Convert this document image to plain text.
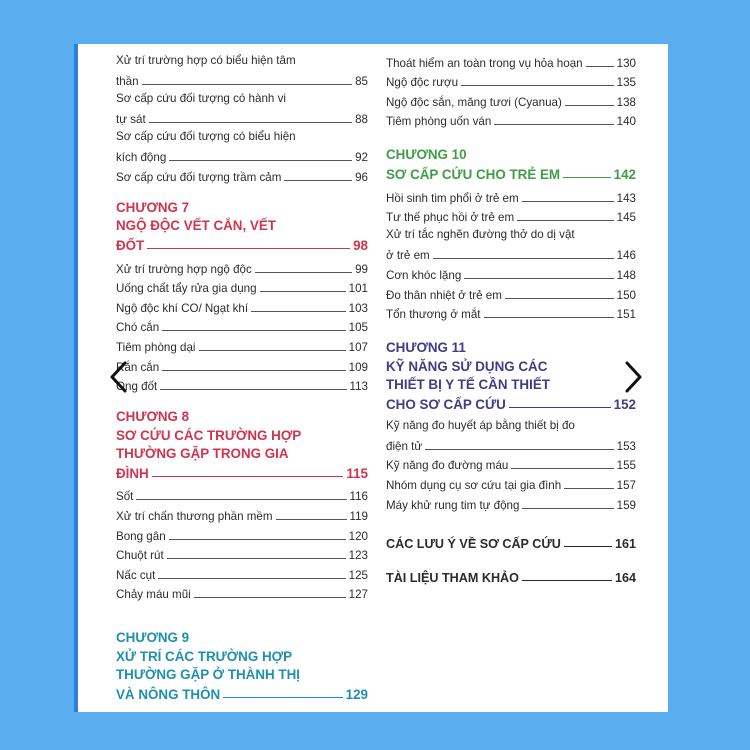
Xử trí trường hợp có biểu hiện tâm
thần	85
Sơ cấp cứu đối tượng có hành vi
tự sát	88
Sơ cấp cứu đối tượng có biểu hiện
kích động	92
Sơ cấp cứu đối tượng trầm cảm	96
CHƯƠNG 7
NGỘ ĐỘC VẾT CẮN, VẾT
ĐỐT	98
Xử trí trường hợp ngộ độc	99
Uống chất tẩy rửa gia dụng	101
Ngộ độc khí CO/ Ngạt khí	103
Chó cắn	105
Tiêm phòng dại	107
Rắn cắn	109
Ong đốt	113
CHƯƠNG 8
SƠ CỨU CÁC TRƯỜNG HỢP
THƯỜNG GẶP TRONG GIA
ĐÌNH	115
Sốt	116
Xử trí chấn thương phần mềm	119
Bong gân	120
Chuột rút	123
Nấc cụt	125
Chảy máu mũi	127
CHƯƠNG 9
XỬ TRÍ CÁC TRƯỜNG HỢP
THƯỜNG GẶP Ở THÀNH THỊ
VÀ NÔNG THÔN	129
Thoát hiểm an toàn trong vụ hỏa hoạn	130
Ngộ độc rượu	135
Ngộ độc sắn, măng tươi (Cyanua)	138
Tiêm phòng uốn ván	140
CHƯƠNG 10
SƠ CẤP CỨU CHO TRẺ EM	142
Hồi sinh tim phổi ở trẻ em	143
Tư thế phục hồi ở trẻ em	145
Xử trí tắc nghẽn đường thở do dị vật
ở trẻ em	146
Cơn khóc lặng	148
Đo thân nhiệt ở trẻ em	150
Tổn thương ở mắt	151
CHƯƠNG 11
KỸ NĂNG SỬ DỤNG CÁC
THIẾT BỊ Y TẾ CẦN THIẾT
CHO SƠ CẤP CỨU	152
Kỹ năng đo huyết áp bằng thiết bị đo
điện tử	153
Kỹ năng đo đường máu	155
Nhóm dụng cụ sơ cứu tại gia đình	157
Máy khử rung tim tự động	159
CÁC LƯU Ý VỀ SƠ CẤP CỨU	161
TÀI LIỆU THAM KHẢO	164
